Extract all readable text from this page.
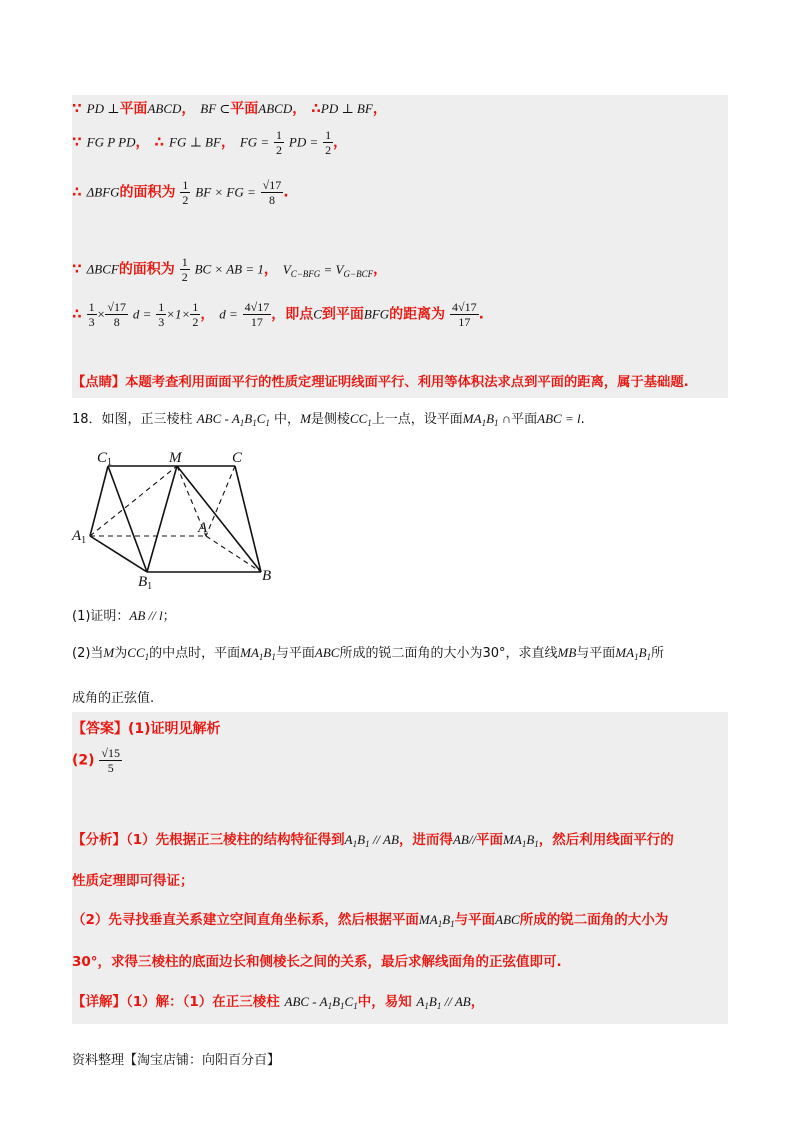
∵ PD ⊥平面ABCD， BF ⊂平面ABCD， ∴PD ⊥ BF，
∵ FG P PD， ∴ FG ⊥ BF， FG = $\frac{1}{2}$ PD = $\frac{1}{2}$ ，
∴ ΔBFG的面积为 $\frac{1}{2}$ BF × FG = $\frac{√17}{8}$ .
∵ ΔBCF的面积为 $\frac{1}{2}$ BC × AB = 1， $V_{C-BFG} = V_{G-BCF}$，
∴ $\frac{1}{3} \times \frac{√17}{8}$ $d = \frac{1}{3} \times 1\times \frac{1}{2}$ ， $d = \frac{4√17}{17}$ ，即点C到平面BFG的距离为 $\frac{4√17}{17}$ .
【点睛】本题考查利用面面平行的性质定理证明线面平行、利用等体积法求点到平面的距离，属于基础题.
18．如图，正三棱柱 ABC - $A_1B_1C_1$ 中，M是侧棱$CC_1$上一点，设平面$MA_1B_1$ ∩平面ABC = l.
$C_1$	M	C
$A_1$
A
$B_1$
B
(1)证明：AB // l；
(2)当M为$CC_1$的中点时，平面$MA_1B_1$与平面ABC所成的锐二面角的大小为30°，求直线MB与平面$MA_1B_1$所
成角的正弦值.
【答案】(1)证明见解析
$(2) \frac{√15}{5}$
【分析】（1）先根据正三棱柱的结构特征得到$A_1B_1$ // AB，进而得AB//平面$MA_1B_1$，然后利用线面平行的
性质定理即可得证；
（2）先寻找垂直关系建立空间直角坐标系，然后根据平面$MA_1B_1$与平面ABC所成的锐二面角的大小为
30°，求得三棱柱的底面边长和侧棱长之间的关系，最后求解线面角的正弦值即可.
【详解】（1）解：（1）在正三棱柱 ABC - $A_1B_1C_1$中，易知 $A_1B_1$ // AB，
资料整理【淘宝店铺：向阳百分百】
